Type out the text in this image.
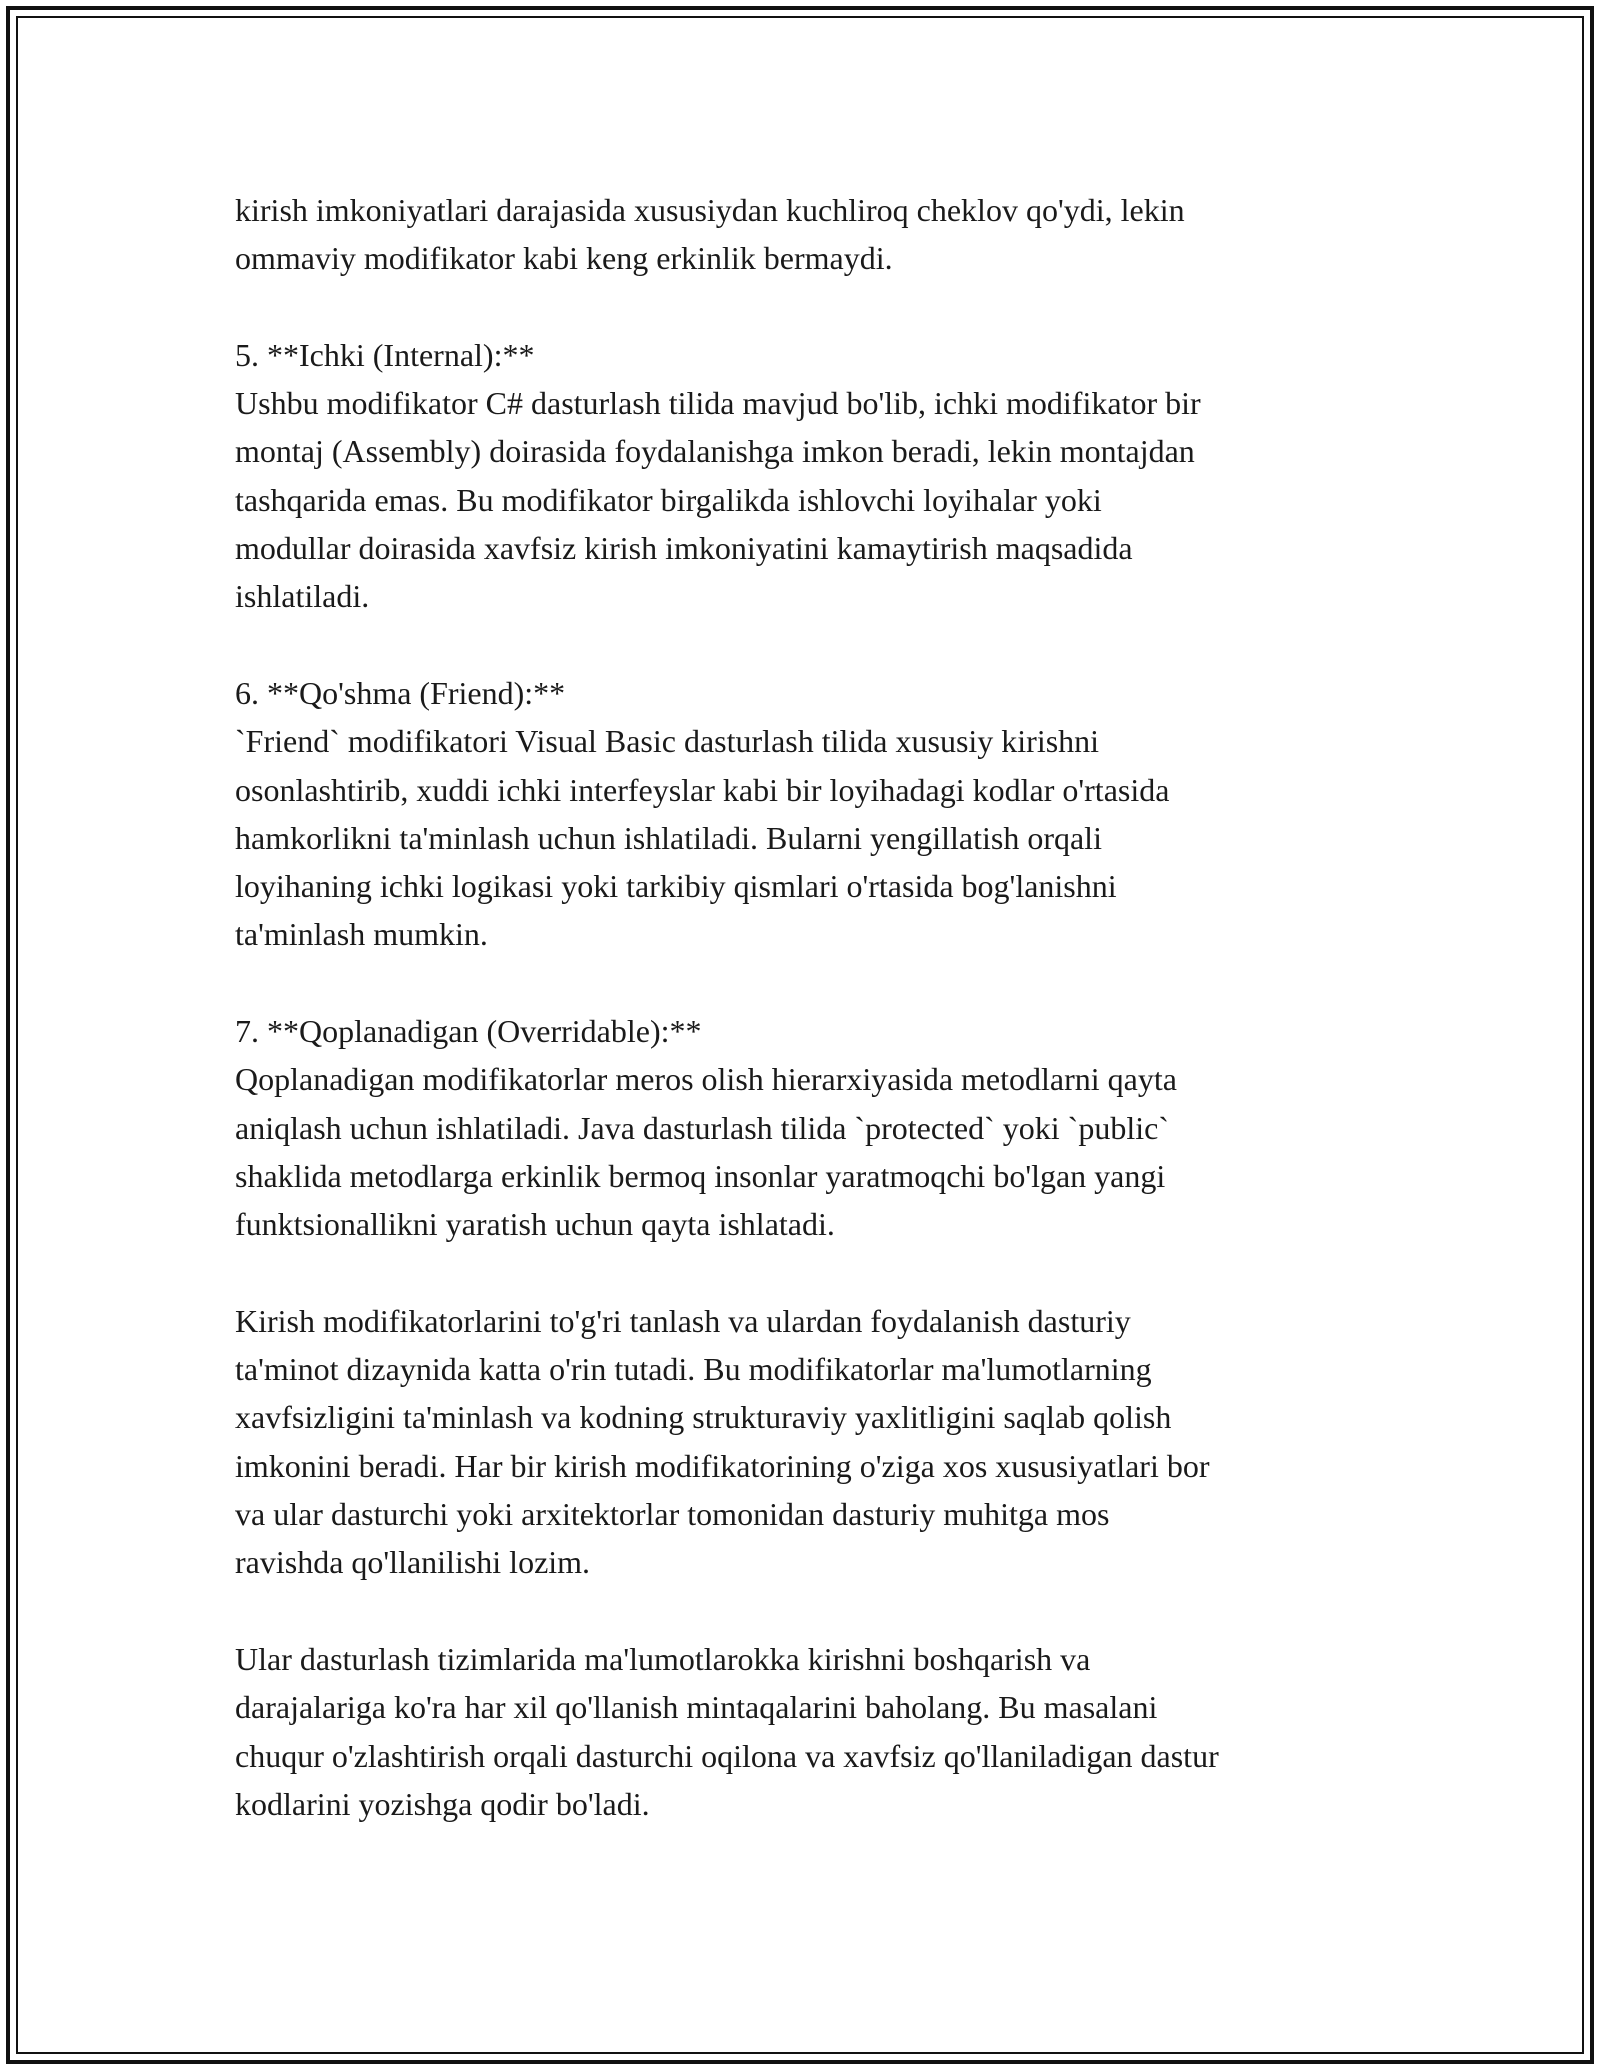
kirish imkoniyatlari darajasida xususiydan kuchliroq cheklov qo'ydi, lekin
ommaviy modifikator kabi keng erkinlik bermaydi.
5. **Ichki (Internal):**
Ushbu modifikator C# dasturlash tilida mavjud bo'lib, ichki modifikator bir
montaj (Assembly) doirasida foydalanishga imkon beradi, lekin montajdan
tashqarida emas. Bu modifikator birgalikda ishlovchi loyihalar yoki
modullar doirasida xavfsiz kirish imkoniyatini kamaytirish maqsadida
ishlatiladi.
6. **Qo'shma (Friend):**
`Friend` modifikatori Visual Basic dasturlash tilida xususiy kirishni
osonlashtirib, xuddi ichki interfeyslar kabi bir loyihadagi kodlar o'rtasida
hamkorlikni ta'minlash uchun ishlatiladi. Bularni yengillatish orqali
loyihaning ichki logikasi yoki tarkibiy qismlari o'rtasida bog'lanishni
ta'minlash mumkin.
7. **Qoplanadigan (Overridable):**
Qoplanadigan modifikatorlar meros olish hierarxiyasida metodlarni qayta
aniqlash uchun ishlatiladi. Java dasturlash tilida `protected` yoki `public`
shaklida metodlarga erkinlik bermoq insonlar yaratmoqchi bo'lgan yangi
funktsionallikni yaratish uchun qayta ishlatadi.
Kirish modifikatorlarini to'g'ri tanlash va ulardan foydalanish dasturiy
ta'minot dizaynida katta o'rin tutadi. Bu modifikatorlar ma'lumotlarning
xavfsizligini ta'minlash va kodning strukturaviy yaxlitligini saqlab qolish
imkonini beradi. Har bir kirish modifikatorining o'ziga xos xususiyatlari bor
va ular dasturchi yoki arxitektorlar tomonidan dasturiy muhitga mos
ravishda qo'llanilishi lozim.
Ular dasturlash tizimlarida ma'lumotlarokka kirishni boshqarish va
darajalariga ko'ra har xil qo'llanish mintaqalarini baholang. Bu masalani
chuqur o'zlashtirish orqali dasturchi oqilona va xavfsiz qo'llaniladigan dastur
kodlarini yozishga qodir bo'ladi.
